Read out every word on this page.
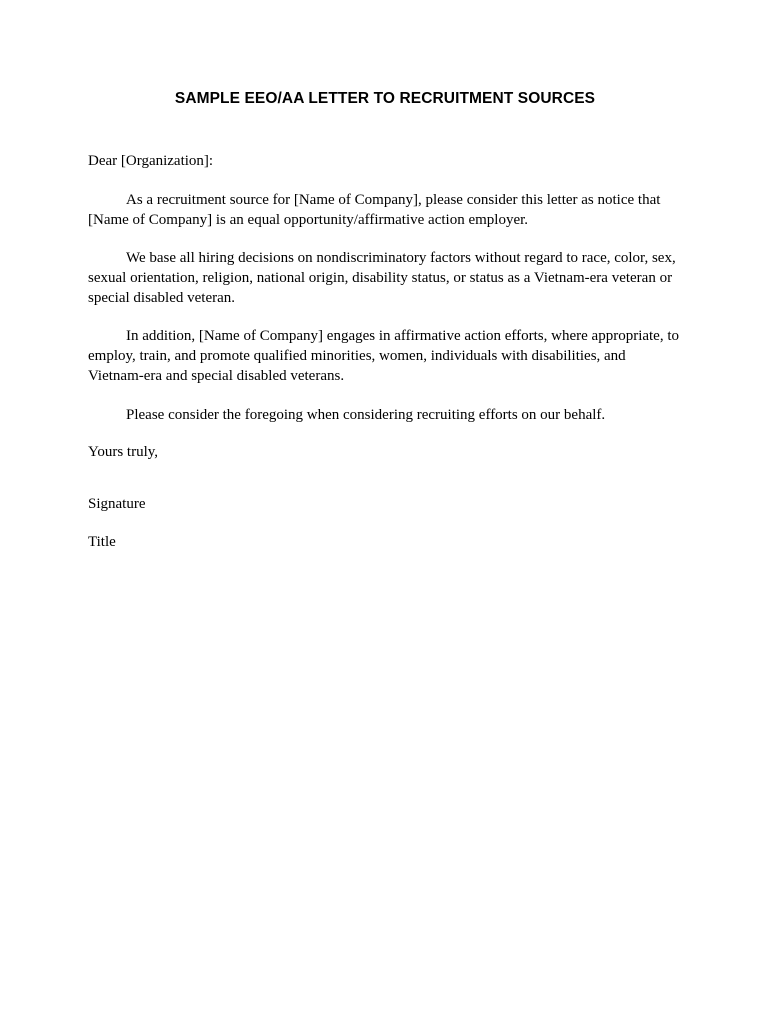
SAMPLE EEO/AA LETTER TO RECRUITMENT SOURCES

Dear [Organization]:

As a recruitment source for [Name of Company], please consider this letter as notice that [Name of Company] is an equal opportunity/affirmative action employer.

We base all hiring decisions on nondiscriminatory factors without regard to race, color, sex, sexual orientation, religion, national origin, disability status, or status as a Vietnam-era veteran or special disabled veteran.

In addition, [Name of Company] engages in affirmative action efforts, where appropriate, to employ, train, and promote qualified minorities, women, individuals with disabilities, and Vietnam-era and special disabled veterans.

Please consider the foregoing when considering recruiting efforts on our behalf.

Yours truly,

Signature

Title
